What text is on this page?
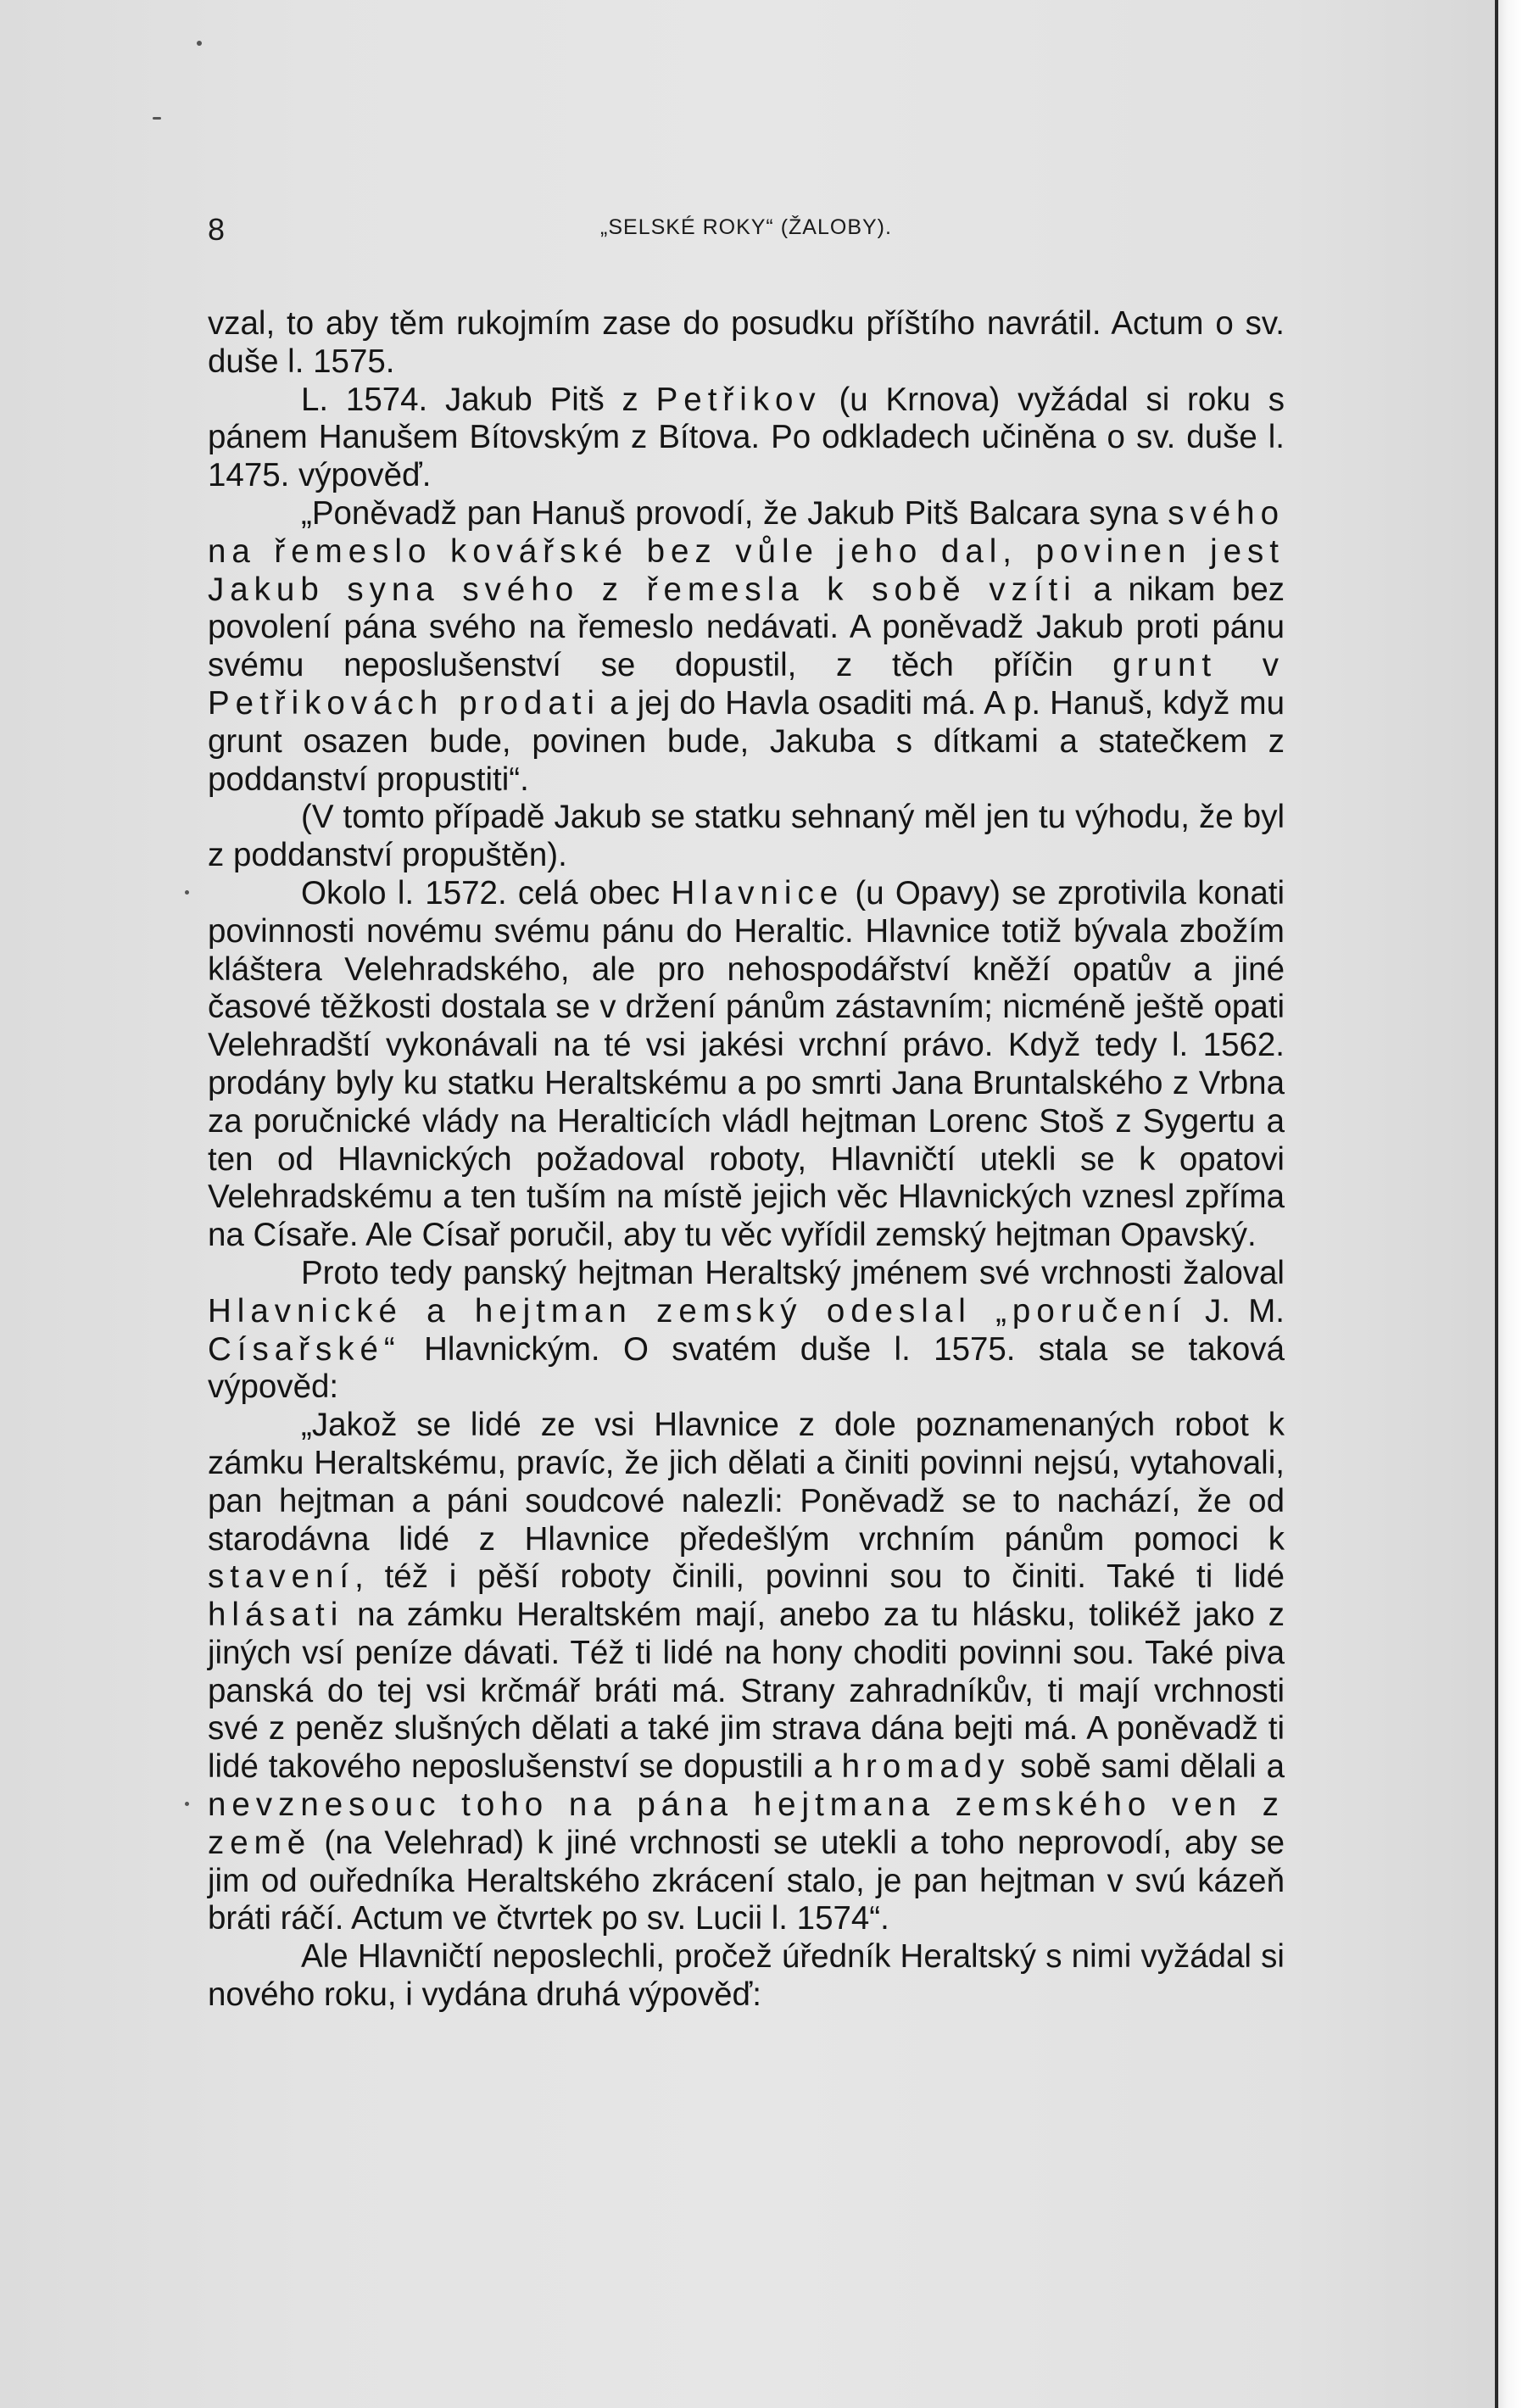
8	„SELSKÉ ROKY“ (ŽALOBY).

vzal, to aby těm rukojmím zase do posudku příštího navrátil. Actum o sv. duše l. 1575.

L. 1574. Jakub Pitš z Petřikov (u Krnova) vyžádal si roku s pánem Hanušem Bítovským z Bítova. Po odkladech učiněna o sv. duše l. 1475. výpověď.

„Poněvadž pan Hanuš provodí, že Jakub Pitš Balcara syna svého na řemeslo kovářské bez vůle jeho dal, povinen jest Jakub syna svého z řemesla k sobě vzíti a nikam bez povolení pána svého na řemeslo nedávati. A poněvadž Jakub proti pánu svému neposlušenství se dopustil, z těch příčin grunt v Petřikovách prodati a jej do Havla osaditi má. A p. Hanuš, když mu grunt osazen bude, povinen bude, Jakuba s dítkami a statečkem z poddanství propustiti“.

(V tomto případě Jakub se statku sehnaný měl jen tu výhodu, že byl z poddanství propuštěn).

Okolo l. 1572. celá obec Hlavnice (u Opavy) se zprotivila konati povinnosti novému svému pánu do Heraltic. Hlavnice totiž bývala zbožím kláštera Velehradského, ale pro nehospodářství kněží opatův a jiné časové těžkosti dostala se v držení pánům zástavním; nicméně ještě opati Velehradští vykonávali na té vsi jakési vrchní právo. Když tedy l. 1562. prodány byly ku statku Heraltskému a po smrti Jana Bruntalského z Vrbna za poručnické vlády na Heralticích vládl hejtman Lorenc Stoš z Sygertu a ten od Hlavnických požadoval roboty, Hlavničtí utekli se k opatovi Velehradskému a ten tuším na místě jejich věc Hlavnických vznesl zpříma na Císaře. Ale Císař poručil, aby tu věc vyřídil zemský hejtman Opavský.

Proto tedy panský hejtman Heraltský jménem své vrchnosti žaloval Hlavnické a hejtman zemský odeslal „poručení J. M. Císařské“ Hlavnickým. O svatém duše l. 1575. stala se taková výpověd:

„Jakož se lidé ze vsi Hlavnice z dole poznamenaných robot k zámku Heraltskému, pravíc, že jich dělati a činiti povinni nejsú, vytahovali, pan hejtman a páni soudcové nalezli: Poněvadž se to nachází, že od starodávna lidé z Hlavnice předešlým vrchním pánům pomoci k stavení, též i pěší roboty činili, povinni sou to činiti. Také ti lidé hlásati na zámku Heraltském mají, anebo za tu hlásku, tolikéž jako z jiných vsí peníze dávati. Též ti lidé na hony choditi povinni sou. Také piva panská do tej vsi krčmář bráti má. Strany zahradníkův, ti mají vrchnosti své z peněz slušných dělati a také jim strava dána bejti má. A poněvadž ti lidé takového neposlušenství se dopustili a hromady sobě sami dělali a nevznesouc toho na pána hejtmana zemského ven z země (na Velehrad) k jiné vrchnosti se utekli a toho neprovodí, aby se jim od ouředníka Heraltského zkrácení stalo, je pan hejtman v svú kázeň bráti ráčí. Actum ve čtvrtek po sv. Lucii l. 1574“.

Ale Hlavničtí neposlechli, pročež úředník Heraltský s nimi vyžádal si nového roku, i vydána druhá výpověď:
